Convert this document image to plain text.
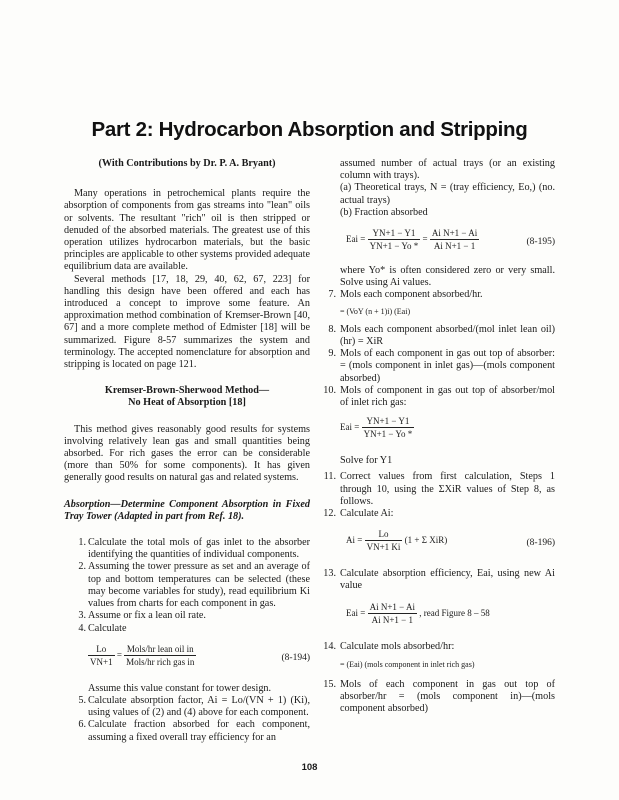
Part 2: Hydrocarbon Absorption and Stripping

(With Contributions by Dr. P. A. Bryant)

Many operations in petrochemical plants require the absorption of components from gas streams into "lean" oils or solvents. The resultant "rich" oil is then stripped or denuded of the absorbed materials. The greatest use of this operation utilizes hydrocarbon materials, but the basic principles are applicable to other systems provided adequate equilibrium data are available.

Several methods [17, 18, 29, 40, 62, 67, 223] for handling this design have been offered and each has introduced a concept to improve some feature. An approximation method combination of Kremser-Brown [40, 67] and a more complete method of Edmister [18] will be summarized. Figure 8-57 summarizes the system and terminology. The accepted nomenclature for absorption and stripping is located on page 121.

Kremser-Brown-Sherwood Method—

No Heat of Absorption [18]

This method gives reasonably good results for systems involving relatively lean gas and small quantities being absorbed. For rich gases the error can be considerable (more than 50% for some components). It has given generally good results on natural gas and related systems.

Absorption—Determine Component Absorption in Fixed Tray Tower (Adapted in part from Ref. 18).

1. Calculate the total mols of gas inlet to the absorber identifying the quantities of individual components.
2. Assuming the tower pressure as set and an average of top and bottom temperatures can be selected (these may become variables for study), read equilibrium Ki values from charts for each component in gas.
3. Assume or fix a lean oil rate.
4. Calculate
$\frac{Lo}{VN+1} = \frac{\text{Mols/hr lean oil in}}{\text{Mols/hr rich gas in}}$	(8-194)

Assume this value constant for tower design.

5. Calculate absorption factor, Ai = Lo/(VN + 1) (Ki), using values of (2) and (4) above for each component.
6. Calculate fraction absorbed for each component, assuming a fixed overall tray efficiency for an

assumed number of actual trays (or an existing column with trays).

(a) Theoretical trays, N = (tray efficiency, Eo,) (no. actual trays)

(b) Fraction absorbed

Eai = $\frac{YN+1 - Y1}{YN+1 - Yo *} = \frac{\text{Ai N+1 − Ai}}{\text{Ai N+1 − 1}}$	(8-195)

where Yo* is often considered zero or very small. Solve using Ai values.

7. Mols each component absorbed/hr.

= (VoY (n + 1)i) (Eai)

8. Mols each component absorbed/(mol inlet lean oil) (hr) = XiR
9. Mols of each component in gas out top of absorber: = (mols component in inlet gas)—(mols component absorbed)
10. Mols of component in gas out top of absorber/mol of inlet rich gas:
Eai = $\frac{YN+1 - Y1}{YN+1 - Yo *}$

Solve for Y1

11. Correct values from first calculation, Steps 1 through 10, using the ΣXiR values of Step 8, as follows.
12. Calculate Ai:
$Ai = \frac{Lo}{VN+1 Ki} (1 + \Sigma$ XiR)	(8-196)
13. Calculate absorption efficiency, Eai, using new Ai value
Eai = $\frac{\text{Ai N+1 − Ai}}{\text{Ai N+1 − 1}}$ , read Figure 8 – 58
14. Calculate mols absorbed/hr:

= (Eai) (mols component in inlet rich gas)

15. Mols of each component in gas out top of absorber/hr = (mols component in)—(mols component absorbed)
108
